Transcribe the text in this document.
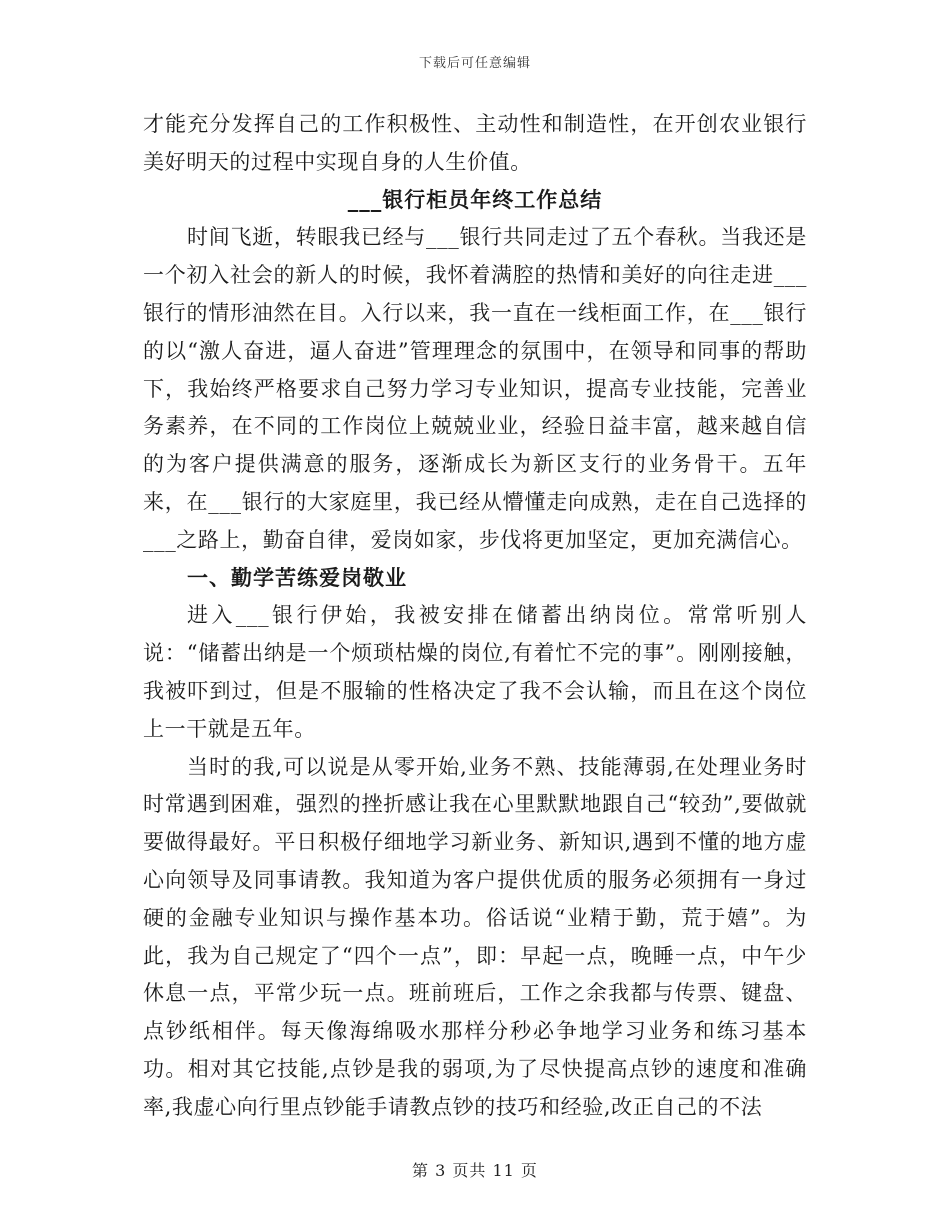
下载后可任意编辑

才能充分发挥自己的工作积极性、主动性和制造性，在开创农业银行美好明天的过程中实现自身的人生价值。

___银行柜员年终工作总结

时间飞逝，转眼我已经与___银行共同走过了五个春秋。当我还是一个初入社会的新人的时候，我怀着满腔的热情和美好的向往走进___银行的情形油然在目。入行以来，我一直在一线柜面工作，在___银行的以“激人奋进，逼人奋进”管理理念的氛围中，在领导和同事的帮助下，我始终严格要求自己努力学习专业知识，提高专业技能，完善业务素养，在不同的工作岗位上兢兢业业，经验日益丰富，越来越自信的为客户提供满意的服务，逐渐成长为新区支行的业务骨干。五年来，在___银行的大家庭里，我已经从懵懂走向成熟，走在自己选择的___之路上，勤奋自律，爱岗如家，步伐将更加坚定，更加充满信心。

一、勤学苦练爱岗敬业

进入___银行伊始，我被安排在储蓄出纳岗位。常常听别人说：“储蓄出纳是一个烦琐枯燥的岗位,有着忙不完的事”。刚刚接触，我被吓到过，但是不服输的性格决定了我不会认输，而且在这个岗位上一干就是五年。

当时的我,可以说是从零开始,业务不熟、技能薄弱,在处理业务时时常遇到困难，强烈的挫折感让我在心里默默地跟自己“较劲”,要做就要做得最好。平日积极仔细地学习新业务、新知识,遇到不懂的地方虚心向领导及同事请教。我知道为客户提供优质的服务必须拥有一身过硬的金融专业知识与操作基本功。俗话说“业精于勤，荒于嬉”。为此，我为自己规定了“四个一点”，即：早起一点，晚睡一点，中午少休息一点，平常少玩一点。班前班后，工作之余我都与传票、键盘、点钞纸相伴。每天像海绵吸水那样分秒必争地学习业务和练习基本功。相对其它技能,点钞是我的弱项,为了尽快提高点钞的速度和准确率,我虚心向行里点钞能手请教点钞的技巧和经验,改正自己的不法

第 3 页共 11 页
